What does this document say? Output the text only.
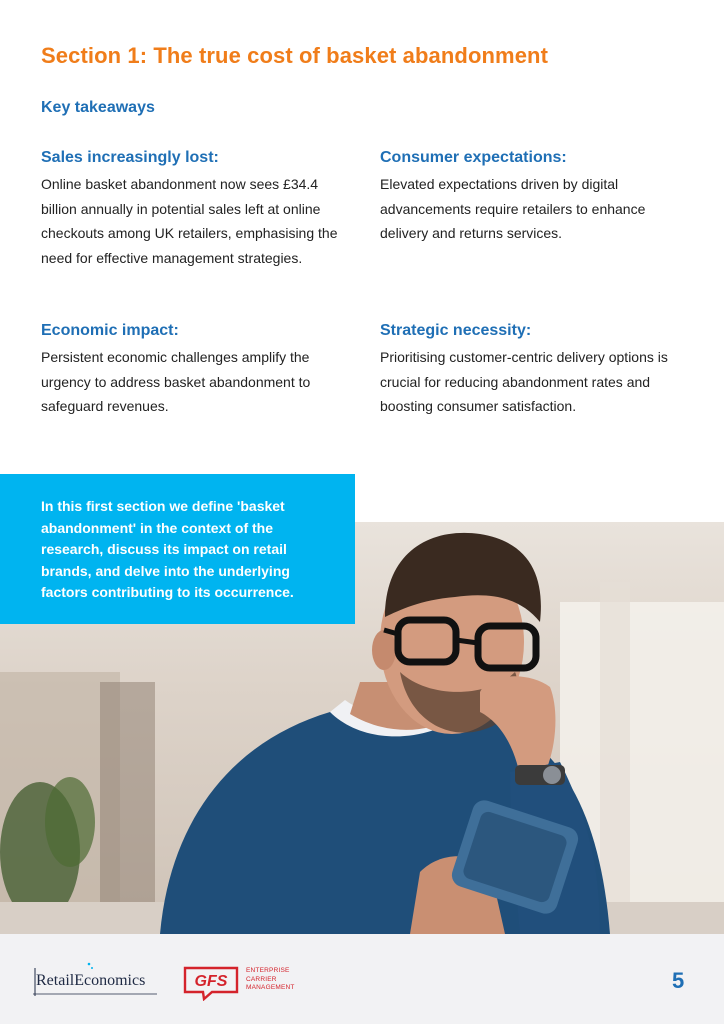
Section 1: The true cost of basket abandonment
Key takeaways
Sales increasingly lost:

Online basket abandonment now sees £34.4 billion annually in potential sales left at online checkouts among UK retailers, emphasising the need for effective management strategies.

Consumer expectations:

Elevated expectations driven by digital advancements require retailers to enhance delivery and returns services.

Economic impact:

Persistent economic challenges amplify the urgency to address basket abandonment to safeguard revenues.

Strategic necessity:

Prioritising customer-centric delivery options is crucial for reducing abandonment rates and boosting consumer satisfaction.

In this first section we define 'basket abandonment' in the context of the research, discuss its impact on retail brands, and delve into the underlying factors contributing to its occurrence.

RetailEconomics	GFS
ENTERPRISE
CARRIER
MANAGEMENT	5
